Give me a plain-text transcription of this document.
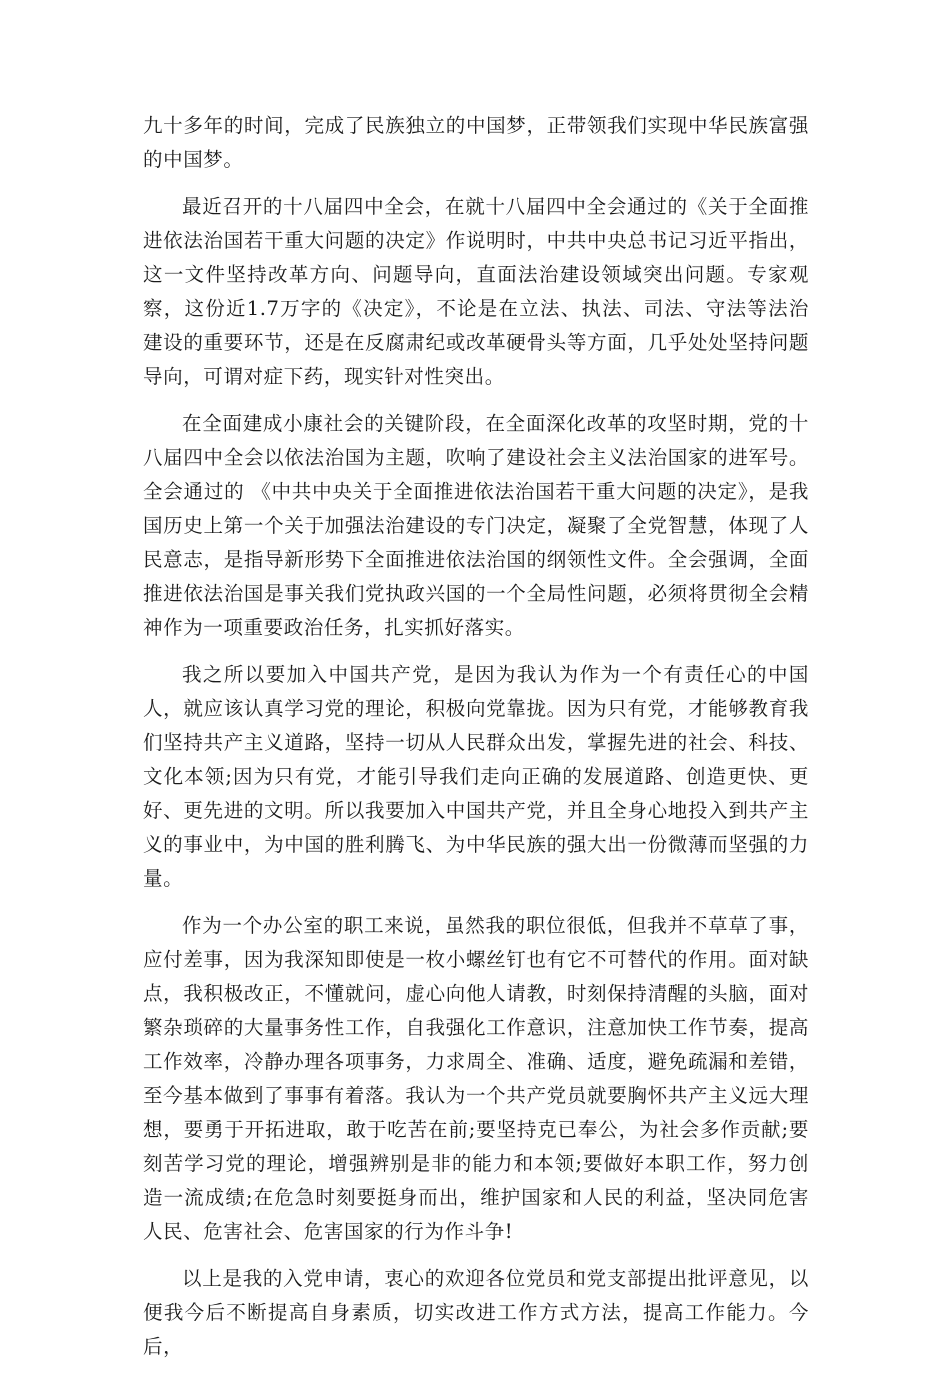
九十多年的时间，完成了民族独立的中国梦，正带领我们实现中华民族富强的中国梦。

最近召开的十八届四中全会，在就十八届四中全会通过的《关于全面推进依法治国若干重大问题的决定》作说明时，中共中央总书记习近平指出，这一文件坚持改革方向、问题导向，直面法治建设领域突出问题。专家观察，这份近1.7万字的《决定》，不论是在立法、执法、司法、守法等法治建设的重要环节，还是在反腐肃纪或改革硬骨头等方面，几乎处处坚持问题导向，可谓对症下药，现实针对性突出。

在全面建成小康社会的关键阶段，在全面深化改革的攻坚时期，党的十八届四中全会以依法治国为主题，吹响了建设社会主义法治国家的进军号。全会通过的 《中共中央关于全面推进依法治国若干重大问题的决定》，是我国历史上第一个关于加强法治建设的专门决定，凝聚了全党智慧，体现了人民意志，是指导新形势下全面推进依法治国的纲领性文件。全会强调，全面推进依法治国是事关我们党执政兴国的一个全局性问题，必须将贯彻全会精神作为一项重要政治任务，扎实抓好落实。

我之所以要加入中国共产党，是因为我认为作为一个有责任心的中国人，就应该认真学习党的理论，积极向党靠拢。因为只有党，才能够教育我们坚持共产主义道路，坚持一切从人民群众出发，掌握先进的社会、科技、文化本领;因为只有党，才能引导我们走向正确的发展道路、创造更快、更好、更先进的文明。所以我要加入中国共产党，并且全身心地投入到共产主义的事业中，为中国的胜利腾飞、为中华民族的强大出一份微薄而坚强的力量。

作为一个办公室的职工来说，虽然我的职位很低，但我并不草草了事，应付差事，因为我深知即使是一枚小螺丝钉也有它不可替代的作用。面对缺点，我积极改正，不懂就问，虚心向他人请教，时刻保持清醒的头脑，面对繁杂琐碎的大量事务性工作，自我强化工作意识，注意加快工作节奏，提高工作效率，冷静办理各项事务，力求周全、准确、适度，避免疏漏和差错，至今基本做到了事事有着落。我认为一个共产党员就要胸怀共产主义远大理想，要勇于开拓进取，敢于吃苦在前;要坚持克已奉公，为社会多作贡献;要刻苦学习党的理论，增强辨别是非的能力和本领;要做好本职工作，努力创造一流成绩;在危急时刻要挺身而出，维护国家和人民的利益，坚决同危害人民、危害社会、危害国家的行为作斗争!

以上是我的入党申请，衷心的欢迎各位党员和党支部提出批评意见，以便我今后不断提高自身素质，切实改进工作方式方法，提高工作能力。今后，
